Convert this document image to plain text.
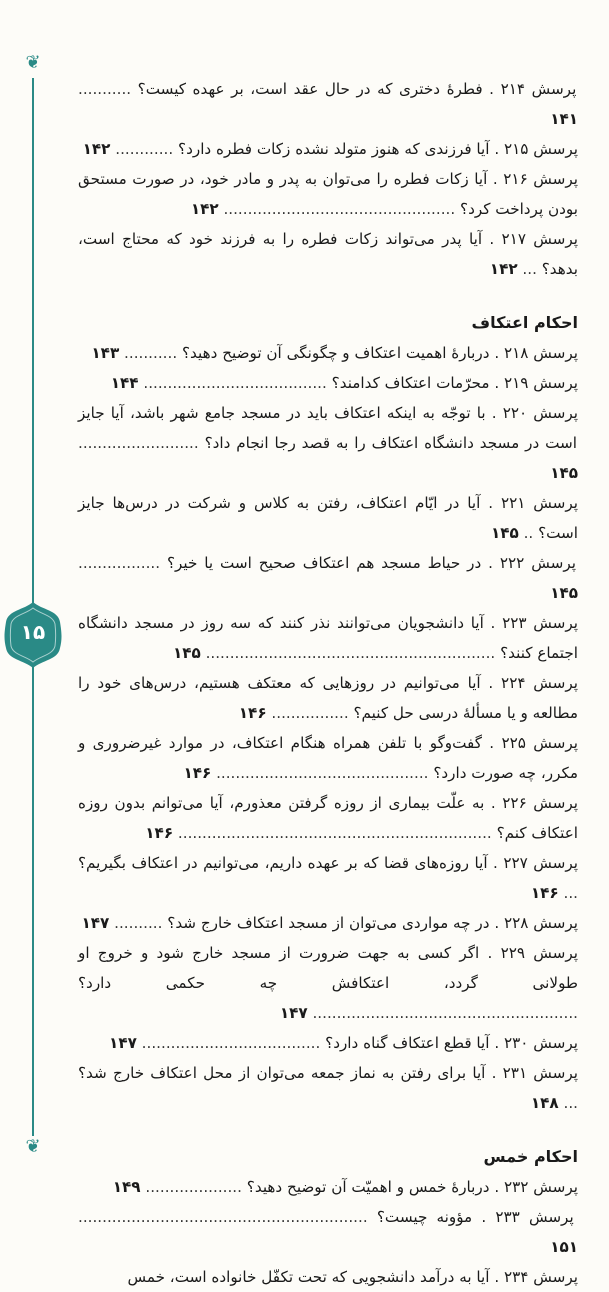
❦
❦
۱۵
پرسش ۲۱۴ . فطرهٔ دختری که در حال عقد است، بر عهده کیست؟ ........... ۱۴۱
پرسش ۲۱۵ . آیا فرزندی که هنوز متولد نشده زکات فطره دارد؟ ............ ۱۴۲
پرسش ۲۱۶ . آیا زکات فطره را می‌توان به پدر و مادر خود، در صورت مستحق بودن پرداخت کرد؟ ................................................ ۱۴۲
پرسش ۲۱۷ . آیا پدر می‌تواند زکات فطره را به فرزند خود که محتاج است، بدهد؟ ... ۱۴۲
احکام اعتکاف
پرسش ۲۱۸ . دربارهٔ اهمیت اعتکاف و چگونگی آن توضیح دهید؟ ........... ۱۴۳
پرسش ۲۱۹ . محرّمات اعتکاف کدامند؟ ...................................... ۱۴۴
پرسش ۲۲۰ . با توجّه به اینکه اعتکاف باید در مسجد جامع شهر باشد، آیا جایز است در مسجد دانشگاه اعتکاف را به قصد رجا انجام داد؟ ......................... ۱۴۵
پرسش ۲۲۱ . آیا در ایّام اعتکاف، رفتن به کلاس و شرکت در درس‌ها جایز است؟ .. ۱۴۵
پرسش ۲۲۲ . در حیاط مسجد هم اعتکاف صحیح است یا خیر؟ ................. ۱۴۵
پرسش ۲۲۳ . آیا دانشجویان می‌توانند نذر کنند که سه روز در مسجد دانشگاه اجتماع کنند؟ ............................................................ ۱۴۵
پرسش ۲۲۴ . آیا می‌توانیم در روزهایی که معتکف هستیم، درس‌های خود را مطالعه و یا مسألهٔ درسی حل کنیم؟ ................ ۱۴۶
پرسش ۲۲۵ . گفت‌وگو با تلفن همراه هنگام اعتکاف، در موارد غیرضروری و مکرر، چه صورت دارد؟ ............................................ ۱۴۶
پرسش ۲۲۶ . به علّت بیماری از روزه گرفتن معذورم، آیا می‌توانم بدون روزه اعتکاف کنم؟ ................................................................. ۱۴۶
پرسش ۲۲۷ . آیا روزه‌های قضا که بر عهده داریم، می‌توانیم در اعتکاف بگیریم؟ ... ۱۴۶
پرسش ۲۲۸ . در چه مواردی می‌توان از مسجد اعتکاف خارج شد؟ .......... ۱۴۷
پرسش ۲۲۹ . اگر کسی به جهت ضرورت از مسجد خارج شود و خروج او طولانی گردد، اعتکافش چه حکمی دارد؟ ....................................................... ۱۴۷
پرسش ۲۳۰ . آیا قطع اعتکاف گناه دارد؟ ..................................... ۱۴۷
پرسش ۲۳۱ . آیا برای رفتن به نماز جمعه می‌توان از محل اعتکاف خارج شد؟ ... ۱۴۸
احکام خمس
پرسش ۲۳۲ . دربارهٔ خمس و اهمیّت آن توضیح دهید؟ .................... ۱۴۹
پرسش ۲۳۳ . مؤونه چیست؟ ............................................................ ۱۵۱
پرسش ۲۳۴ . آیا به درآمد دانشجویی که تحت تکفّل خانواده است، خمس
